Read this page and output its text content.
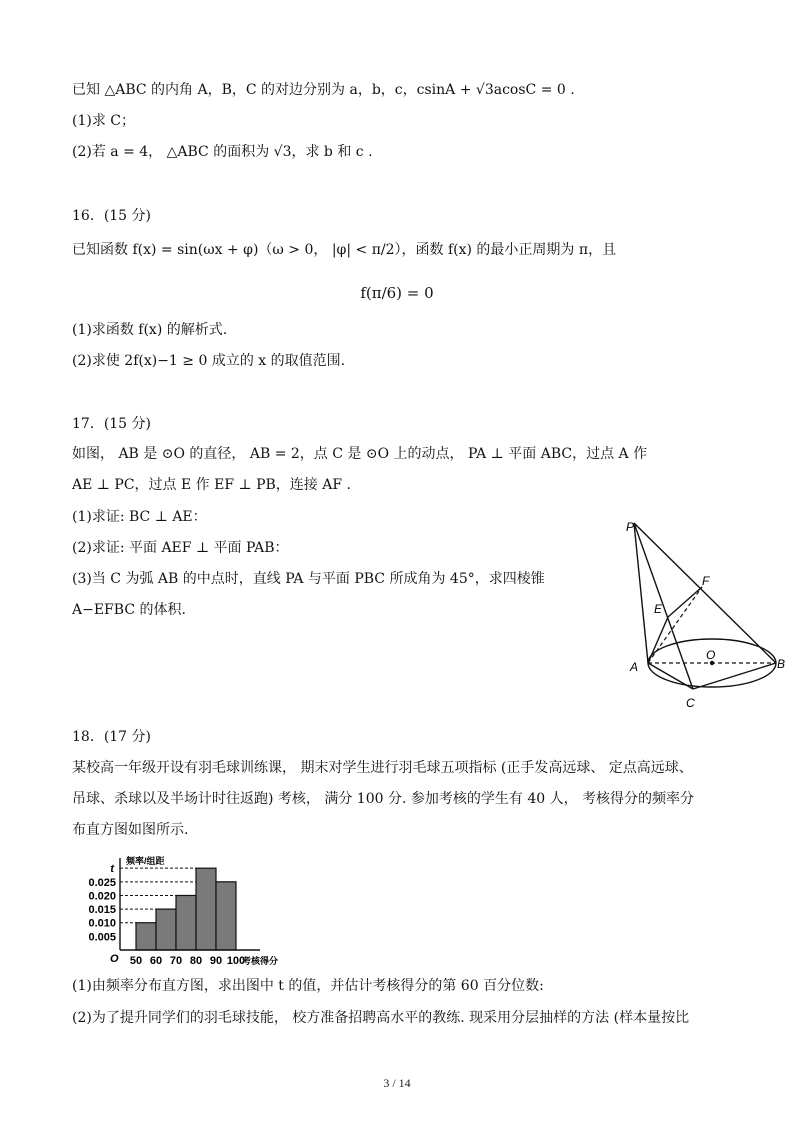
已知 △ABC 的内角 A，B，C 的对边分别为 a，b，c，csinA + √3acosC = 0 .
(1)求 C；
(2)若 a = 4， △ABC 的面积为 √3，求 b 和 c .
16．(15 分)
已知函数 f(x) = sin(ωx + φ)（ω > 0， |φ| < π/2），函数 f(x) 的最小正周期为 π，且
f(π/6) = 0
(1)求函数 f(x) 的解析式.
(2)求使 2f(x)−1 ≥ 0 成立的 x 的取值范围.
17．(15 分)
如图， AB 是 ⊙O 的直径， AB = 2，点 C 是 ⊙O 上的动点， PA ⊥ 平面 ABC，过点 A 作
AE ⊥ PC，过点 E 作 EF ⊥ PB，连接 AF .
(1)求证: BC ⊥ AE：
(2)求证: 平面 AEF ⊥ 平面 PAB：
(3)当 C 为弧 AB 的中点时，直线 PA 与平面 PBC 所成角为 45°，求四棱锥
A−EFBC 的体积.
P
F
E
O
A	B
C
18．(17 分)
某校高一年级开设有羽毛球训练课， 期末对学生进行羽毛球五项指标 (正手发高远球、 定点高远球、
吊球、杀球以及半场计时往返跑) 考核， 满分 100 分. 参加考核的学生有 40 人， 考核得分的频率分
布直方图如图所示.
0.025
0.020
0.015
0.010
0.005
t
O 50 60 70 80 90 100
频率/组距
考核得分
(1)由频率分布直方图，求出图中 t 的值，并估计考核得分的第 60 百分位数:
(2)为了提升同学们的羽毛球技能， 校方准备招聘高水平的教练. 现采用分层抽样的方法 (样本量按比
3 / 14
